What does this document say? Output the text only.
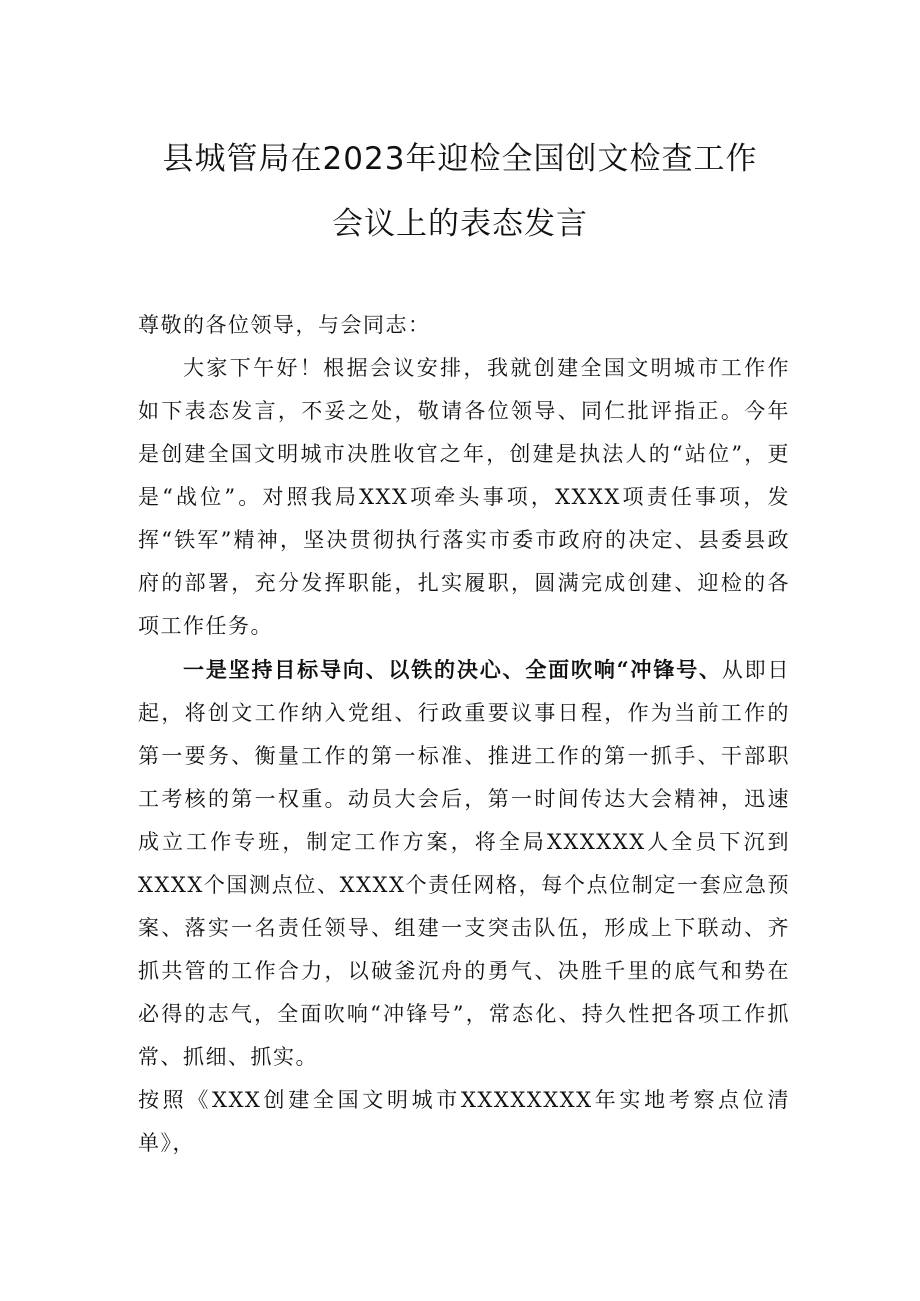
县城管局在2023年迎检全国创文检查工作
会议上的表态发言

尊敬的各位领导，与会同志：

大家下午好！根据会议安排，我就创建全国文明城市工作作如下表态发言，不妥之处，敬请各位领导、同仁批评指正。今年是创建全国文明城市决胜收官之年，创建是执法人的“站位”，更是“战位”。对照我局XXX项牵头事项，XXXX项责任事项，发挥“铁军”精神，坚决贯彻执行落实市委市政府的决定、县委县政府的部署，充分发挥职能，扎实履职，圆满完成创建、迎检的各项工作任务。

一是坚持目标导向、以铁的决心、全面吹响“冲锋号、从即日起，将创文工作纳入党组、行政重要议事日程，作为当前工作的第一要务、衡量工作的第一标准、推进工作的第一抓手、干部职工考核的第一权重。动员大会后，第一时间传达大会精神，迅速成立工作专班，制定工作方案，将全局XXXXXX人全员下沉到XXXX个国测点位、XXXX个责任网格，每个点位制定一套应急预案、落实一名责任领导、组建一支突击队伍，形成上下联动、齐抓共管的工作合力，以破釜沉舟的勇气、决胜千里的底气和势在必得的志气，全面吹响“冲锋号”，常态化、持久性把各项工作抓常、抓细、抓实。

按照《XXX创建全国文明城市XXXXXXXX年实地考察点位清单》，
